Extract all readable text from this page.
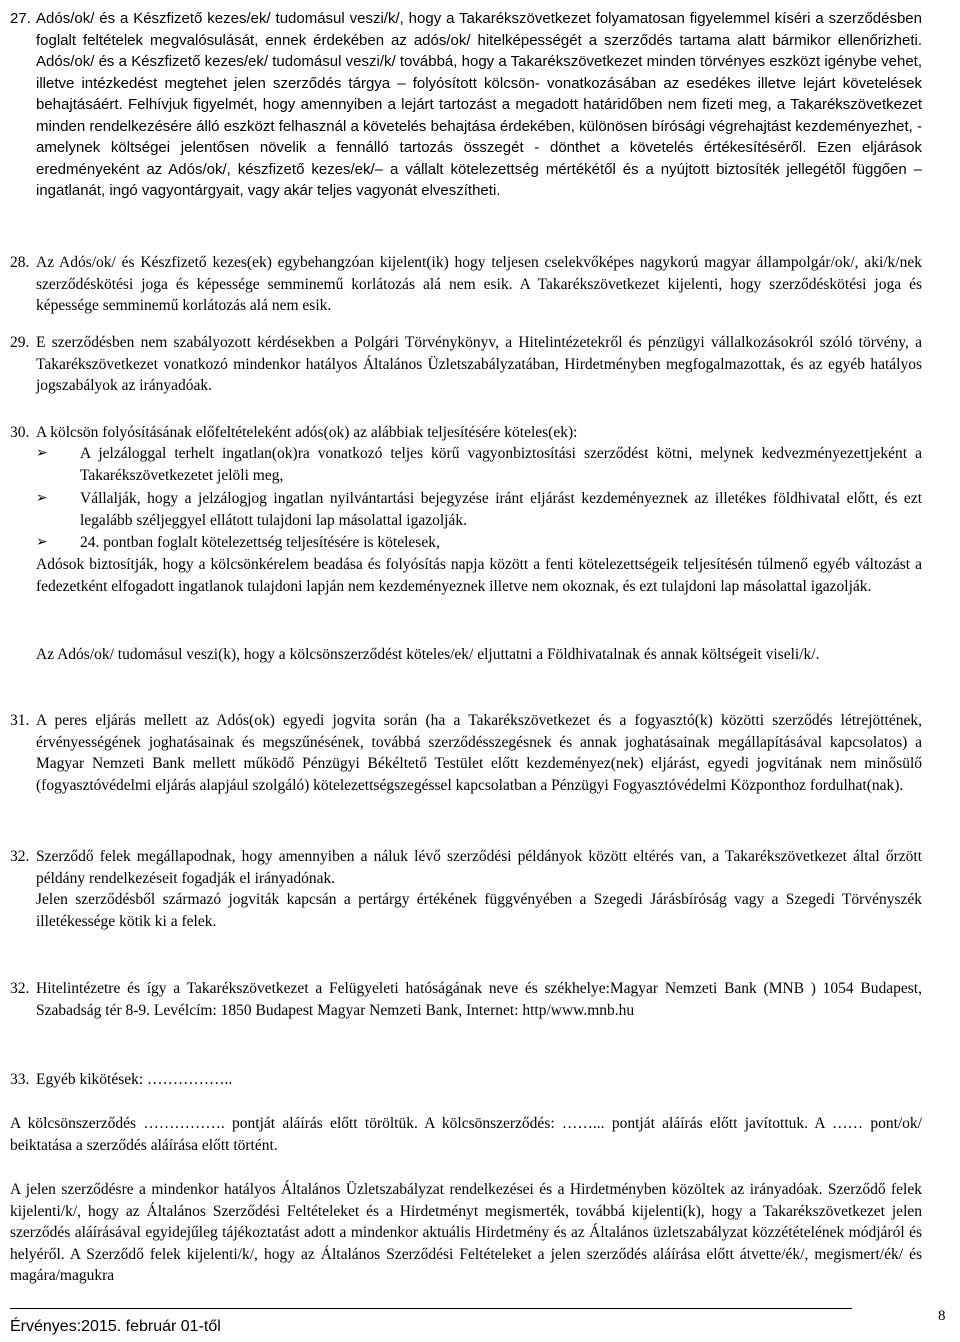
27. Adós/ok/ és a Készfizető kezes/ek/ tudomásul veszi/k/, hogy a Takarékszövetkezet folyamatosan figyelemmel kíséri a szerződésben foglalt feltételek megvalósulását, ennek érdekében az adós/ok/ hitelképességét a szerződés tartama alatt bármikor ellenőrizheti. Adós/ok/ és a Készfizető kezes/ek/ tudomásul veszi/k/ továbbá, hogy a Takarékszövetkezet minden törvényes eszközt igénybe vehet, illetve intézkedést megtehet jelen szerződés tárgya – folyósított kölcsön- vonatkozásában az esedékes illetve lejárt követelések behajtásáért. Felhívjuk figyelmét, hogy amennyiben a lejárt tartozást a megadott határidőben nem fizeti meg, a Takarékszövetkezet minden rendelkezésére álló eszközt felhasznál a követelés behajtása érdekében, különösen bírósági végrehajtást kezdeményezhet, - amelynek költségei jelentősen növelik a fennálló tartozás összegét - dönthet a követelés értékesítéséről. Ezen eljárások eredményeként az Adós/ok/, készfizető kezes/ek/– a vállalt kötelezettség mértékétől és a nyújtott biztosíték jellegétől függően – ingatlanát, ingó vagyontárgyait, vagy akár teljes vagyonát elveszítheti.
28. Az Adós/ok/ és Készfizető kezes(ek) egybehangzóan kijelent(ik) hogy teljesen cselekvőképes nagykorú magyar állampolgár/ok/, aki/k/nek szerződéskötési joga és képessége semminemű korlátozás alá nem esik. A Takarékszövetkezet kijelenti, hogy szerződéskötési joga és képessége semminemű korlátozás alá nem esik.
29. E szerződésben nem szabályozott kérdésekben a Polgári Törvénykönyv, a Hitelintézetekről és pénzügyi vállalkozásokról szóló törvény, a Takarékszövetkezet vonatkozó mindenkor hatályos Általános Üzletszabályzatában, Hirdetményben megfogalmazottak, és az egyéb hatályos jogszabályok az irányadóak.
30. A kölcsön folyósításának előfeltételeként adós(ok) az alábbiak teljesítésére köteles(ek):
➢	A jelzáloggal terhelt ingatlan(ok)ra vonatkozó teljes körű vagyonbiztosítási szerződést kötni, melynek kedvezményezettjeként a Takarékszövetkezetet jelöli meg,
➢	Vállalják, hogy a jelzálogjog ingatlan nyilvántartási bejegyzése iránt eljárást kezdeményeznek az illetékes földhivatal előtt, és ezt legalább széljeggyel ellátott tulajdoni lap másolattal igazolják.
➢	24. pontban foglalt kötelezettség teljesítésére is kötelesek,
Adósok biztosítják, hogy a kölcsönkérelem beadása és folyósítás napja között a fenti kötelezettségeik teljesítésén túlmenő egyéb változást a fedezetként elfogadott ingatlanok tulajdoni lapján nem kezdeményeznek illetve nem okoznak, és ezt tulajdoni lap másolattal igazolják.
Az Adós/ok/ tudomásul veszi(k), hogy a kölcsönszerződést köteles/ek/ eljuttatni a Földhivatalnak és annak költségeit viseli/k/.
31. A peres eljárás mellett az Adós(ok) egyedi jogvita során (ha a Takarékszövetkezet és a fogyasztó(k) közötti szerződés létrejöttének, érvényességének joghatásainak és megszűnésének, továbbá szerződésszegésnek és annak joghatásainak megállapításával kapcsolatos) a Magyar Nemzeti Bank mellett működő Pénzügyi Békéltető Testület előtt kezdeményez(nek) eljárást, egyedi jogvitának nem minősülő (fogyasztóvédelmi eljárás alapjául szolgáló) kötelezettségszegéssel kapcsolatban a Pénzügyi Fogyasztóvédelmi Központhoz fordulhat(nak).
32. Szerződő felek megállapodnak, hogy amennyiben a náluk lévő szerződési példányok között eltérés van, a Takarékszövetkezet által őrzött példány rendelkezéseit fogadják el irányadónak.
Jelen szerződésből származó jogviták kapcsán a pertárgy értékének függvényében a Szegedi Járásbíróság vagy a Szegedi Törvényszék illetékessége kötik ki a felek.
32. Hitelintézetre és így a Takarékszövetkezet a Felügyeleti hatóságának neve és székhelye:Magyar Nemzeti Bank (MNB ) 1054 Budapest, Szabadság tér 8-9. Levélcím: 1850 Budapest Magyar Nemzeti Bank, Internet: http/www.mnb.hu
33. Egyéb kikötések: ……………..
A kölcsönszerződés ……………. pontját aláírás előtt töröltük. A kölcsönszerződés: ……... pontját aláírás előtt javítottuk. A …… pont/ok/ beiktatása a szerződés aláírása előtt történt.
A jelen szerződésre a mindenkor hatályos Általános Üzletszabályzat rendelkezései és a Hirdetményben közöltek az irányadóak. Szerződő felek kijelenti/k/, hogy az Általános Szerződési Feltételeket és a Hirdetményt megismerték, továbbá kijelenti(k), hogy a Takarékszövetkezet jelen szerződés aláírásával egyidejűleg tájékoztatást adott a mindenkor aktuális Hirdetmény és az Általános üzletszabályzat közzétételének módjáról és helyéről. A Szerződő felek kijelenti/k/, hogy az Általános Szerződési Feltételeket a jelen szerződés aláírása előtt átvette/ék/, megismert/ék/ és magára/magukra
Érvényes:2015. február 01-től
8
